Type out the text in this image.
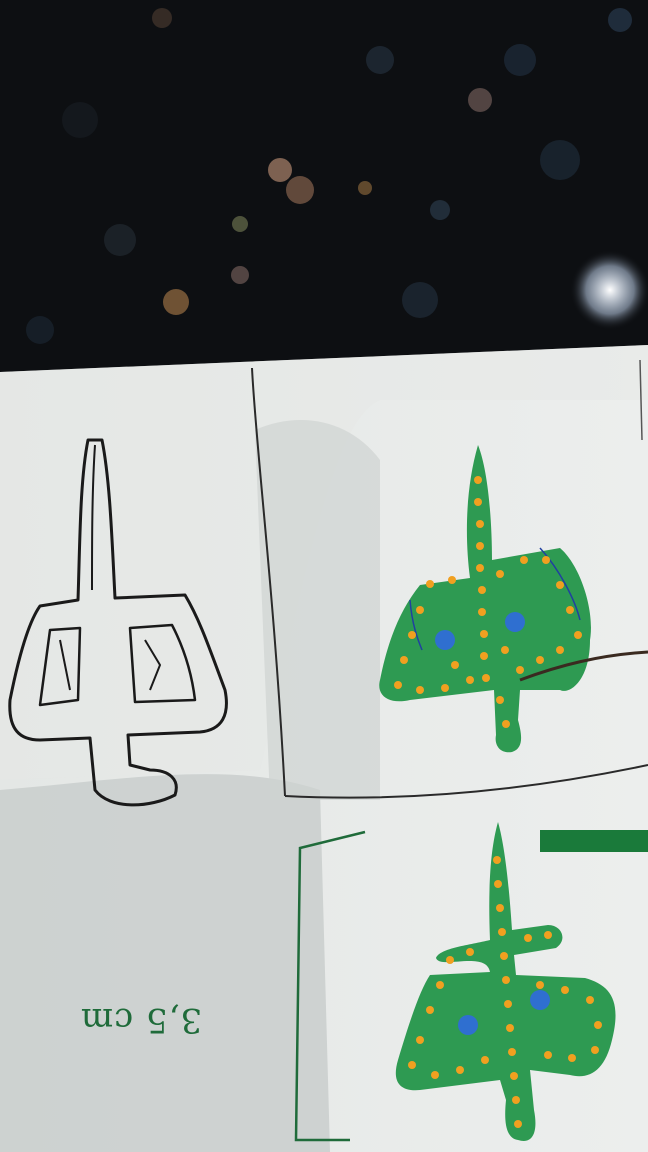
3,5 cm
